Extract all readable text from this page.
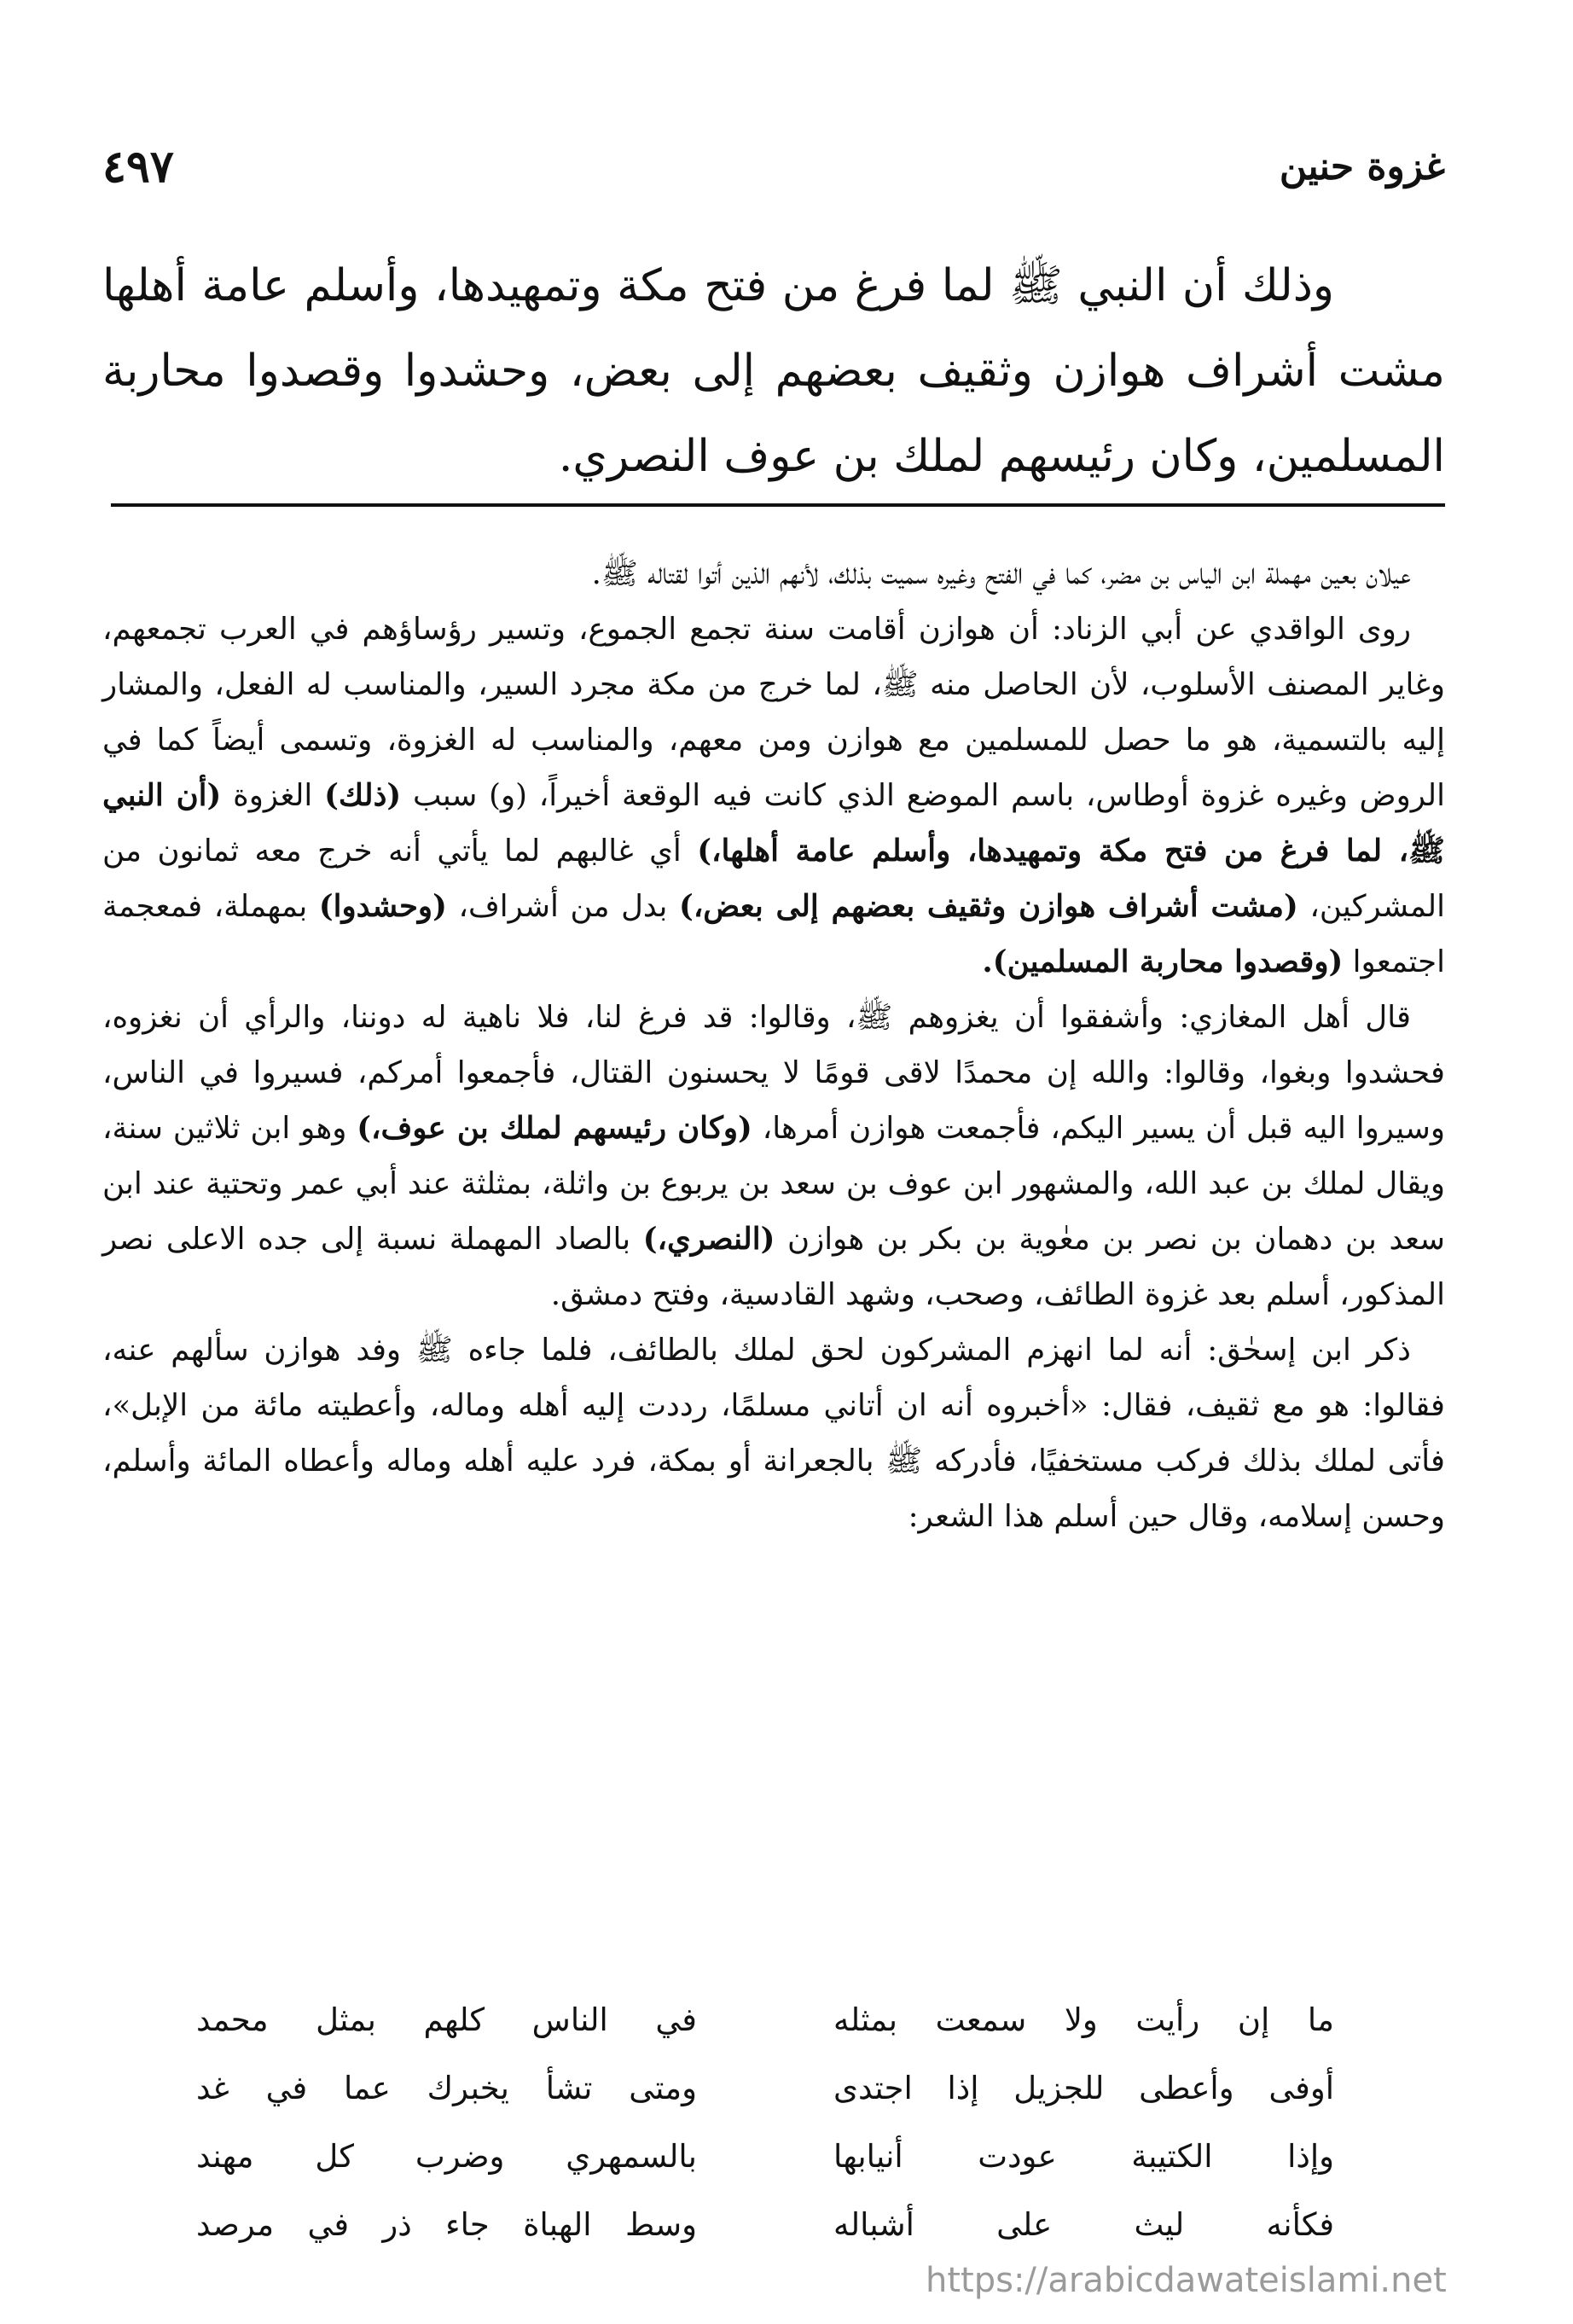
غزوة حنين
٤٩٧

وذلك أن النبي ﷺ لما فرغ من فتح مكة وتمهيدها، وأسلم عامة أهلها مشت أشراف هوازن وثقيف بعضهم إلى بعض، وحشدوا وقصدوا محاربة المسلمين، وكان رئيسهم لملك بن عوف النصري.

عيلان بعين مهملة ابن الياس بن مضر، كما في الفتح وغيره سميت بذلك، لأنهم الذين أتوا لقتاله ﷺ.

روى الواقدي عن أبي الزناد: أن هوازن أقامت سنة تجمع الجموع، وتسير رؤساؤهم في العرب تجمعهم، وغاير المصنف الأسلوب، لأن الحاصل منه ﷺ، لما خرج من مكة مجرد السير، والمناسب له الفعل، والمشار إليه بالتسمية، هو ما حصل للمسلمين مع هوازن ومن معهم، والمناسب له الغزوة، وتسمى أيضاً كما في الروض وغيره غزوة أوطاس، باسم الموضع الذي كانت فيه الوقعة أخيراً، (و) سبب (ذلك) الغزوة (أن النبي ﷺ، لما فرغ من فتح مكة وتمهيدها، وأسلم عامة أهلها،) أي غالبهم لما يأتي أنه خرج معه ثمانون من المشركين، (مشت أشراف هوازن وثقيف بعضهم إلى بعض،) بدل من أشراف، (وحشدوا) بمهملة، فمعجمة اجتمعوا (وقصدوا محاربة المسلمين).

قال أهل المغازي: وأشفقوا أن يغزوهم ﷺ، وقالوا: قد فرغ لنا، فلا ناهية له دوننا، والرأي أن نغزوه، فحشدوا وبغوا، وقالوا: والله إن محمدًا لاقى قومًا لا يحسنون القتال، فأجمعوا أمركم، فسيروا في الناس، وسيروا اليه قبل أن يسير اليكم، فأجمعت هوازن أمرها، (وكان رئيسهم لملك بن عوف،) وهو ابن ثلاثين سنة، ويقال لملك بن عبد الله، والمشهور ابن عوف بن سعد بن يربوع بن واثلة، بمثلثة عند أبي عمر وتحتية عند ابن سعد بن دهمان بن نصر بن معٰوية بن بكر بن هوازن (النصري،) بالصاد المهملة نسبة إلى جده الاعلى نصر المذكور، أسلم بعد غزوة الطائف، وصحب، وشهد القادسية، وفتح دمشق.

ذكر ابن إسحٰق: أنه لما انهزم المشركون لحق لملك بالطائف، فلما جاءه ﷺ وفد هوازن سألهم عنه، فقالوا: هو مع ثقيف، فقال: «أخبروه أنه ان أتاني مسلمًا، رددت إليه أهله وماله، وأعطيته مائة من الإبل»، فأتى لملك بذلك فركب مستخفيًا، فأدركه ﷺ بالجعرانة أو بمكة، فرد عليه أهله وماله وأعطاه المائة وأسلم، وحسن إسلامه، وقال حين أسلم هذا الشعر:

ما إن رأيت ولا سمعت بمثله
في الناس كلهم بمثل محمد
أوفى وأعطى للجزيل إذا اجتدى
ومتى تشأ يخبرك عما في غد
وإذا الكتيبة عودت أنيابها
بالسمهري وضرب كل مهند
فكأنه ليث على أشباله
وسط الهباة جاء ذر في مرصد
https://arabicdawateislami.net
